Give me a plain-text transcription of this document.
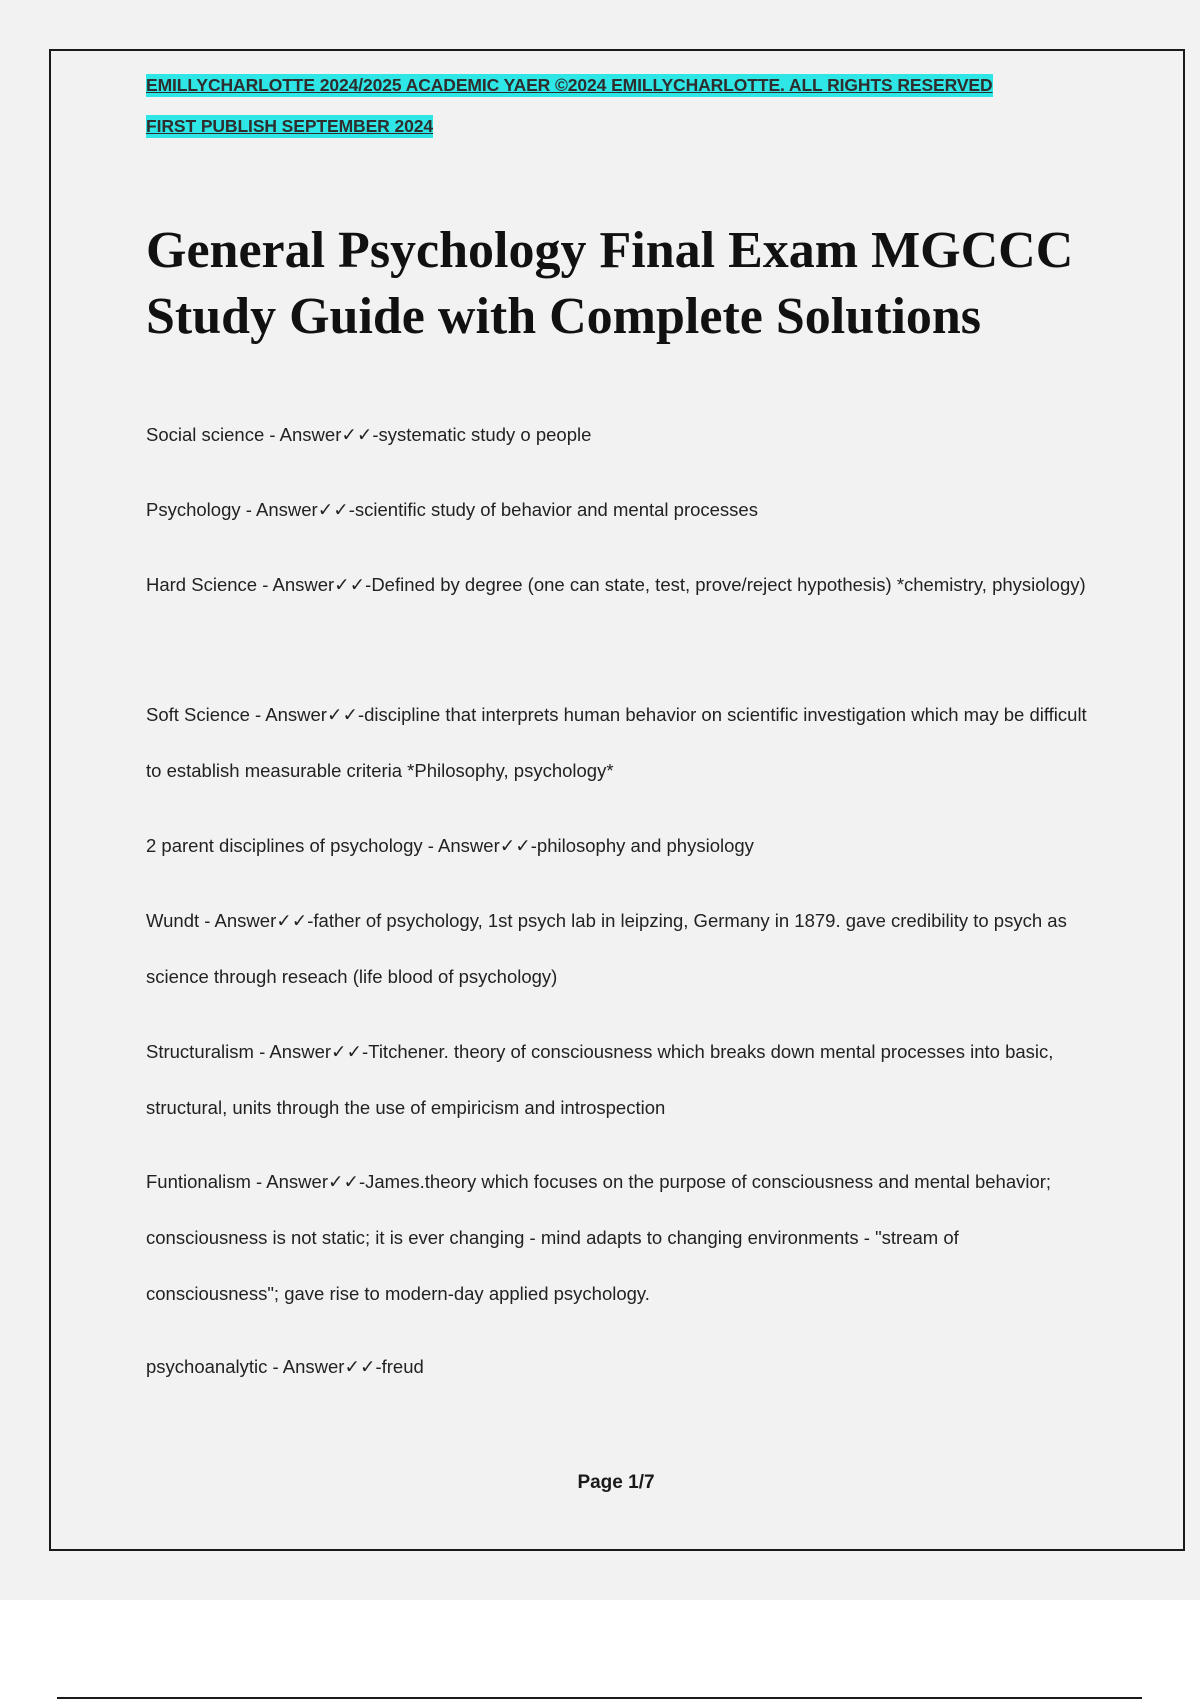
EMILLYCHARLOTTE 2024/2025 ACADEMIC YAER ©2024 EMILLYCHARLOTTE. ALL RIGHTS RESERVED
FIRST PUBLISH SEPTEMBER 2024
General Psychology Final Exam MGCCC
Study Guide with Complete Solutions

Social science - Answer✓✓-systematic study o people

Psychology - Answer✓✓-scientific study of behavior and mental processes

Hard Science - Answer✓✓-Defined by degree (one can state, test, prove/reject hypothesis) *chemistry, physiology)

Soft Science - Answer✓✓-discipline that interprets human behavior on scientific investigation which may be difficult to establish measurable criteria *Philosophy, psychology*

2 parent disciplines of psychology - Answer✓✓-philosophy and physiology

Wundt - Answer✓✓-father of psychology, 1st psych lab in leipzing, Germany in 1879. gave credibility to psych as science through reseach (life blood of psychology)

Structuralism - Answer✓✓-Titchener. theory of consciousness which breaks down mental processes into basic, structural, units through the use of empiricism and introspection

Funtionalism - Answer✓✓-James.theory which focuses on the purpose of consciousness and mental behavior; consciousness is not static; it is ever changing - mind adapts to changing environments - "stream of consciousness"; gave rise to modern-day applied psychology.

psychoanalytic - Answer✓✓-freud

Page 1/7
